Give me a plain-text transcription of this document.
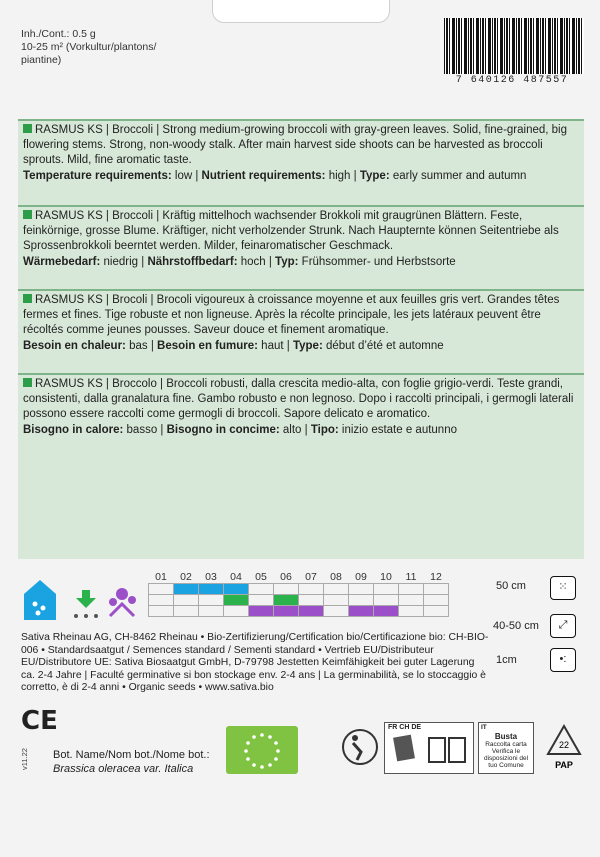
Inh./Cont.: 0.5 g
10-25 m² (Vorkultur/plantons/
piantine)
7 640126 487557
RASMUS KS | Broccoli | Strong medium-growing broccoli with gray-green leaves. Solid, fine-grained, big flowering stems. Strong, non-woody stalk. After main harvest side shoots can be harvested as broccoli sprouts. Mild, fine aromatic taste.
Temperature requirements: low | Nutrient requirements: high | Type: early summer and autumn
RASMUS KS | Broccoli | Kräftig mittelhoch wachsender Brokkoli mit graugrünen Blättern. Feste, feinkörnige, grosse Blume. Kräftiger, nicht verholzender Strunk. Nach Haupternte können Seitentriebe als Sprossenbrokkoli beerntet werden. Milder, feinaromatischer Geschmack.
Wärmebedarf: niedrig | Nährstoffbedarf: hoch | Typ: Frühsommer- und Herbstsorte
RASMUS KS | Brocoli | Brocoli vigoureux à croissance moyenne et aux feuilles gris vert. Grandes têtes fermes et fines. Tige robuste et non ligneuse. Après la récolte principale, les jets latéraux peuvent être récoltés comme jeunes pousses. Saveur douce et finement aromatique.
Besoin en chaleur: bas | Besoin en fumure: haut | Type: début d’été et automne
RASMUS KS | Broccolo | Broccoli robusti, dalla crescita medio-alta, con foglie grigio-verdi. Teste grandi, consistenti, dalla granalatura fine. Gambo robusto e non legnoso. Dopo i raccolti principali, i germogli laterali possono essere raccolti come germogli di broccoli. Sapore delicato e aromatico.
Bisogno in calore: basso | Bisogno in concime: alto | Tipo: inizio estate e autunno
01	02	03	04	05	06	07	08	09	10	11	12

50 cm	⁙
40-50 cm	⤢
1cm	•:
Sativa Rheinau AG, CH-8462 Rheinau • Bio-Zertifizierung/Certification bio/Certificazione bio: CH-BIO-006 • Standardsaatgut / Semences standard / Sementi standard • Vertrieb EU/Distributeur EU/Distributore UE: Sativa Biosaatgut GmbH, D-79798 Jestetten Keimfähigkeit bei guter Lagerung ca. 2-4 Jahre | Faculté germinative si bon stockage env. 2-4 ans | La germinabilità, se lo stoccaggio è corretto, è di 2-4 anni • Organic seeds • www.sativa.bio
CE
v11.22 Bot. Name/Nom bot./Nome bot.:
Brassica oleracea var. Italica
FR CH DE	IT
Busta
Raccolta carta Verifica le disposizioni del tuo Comune
22
PAP
